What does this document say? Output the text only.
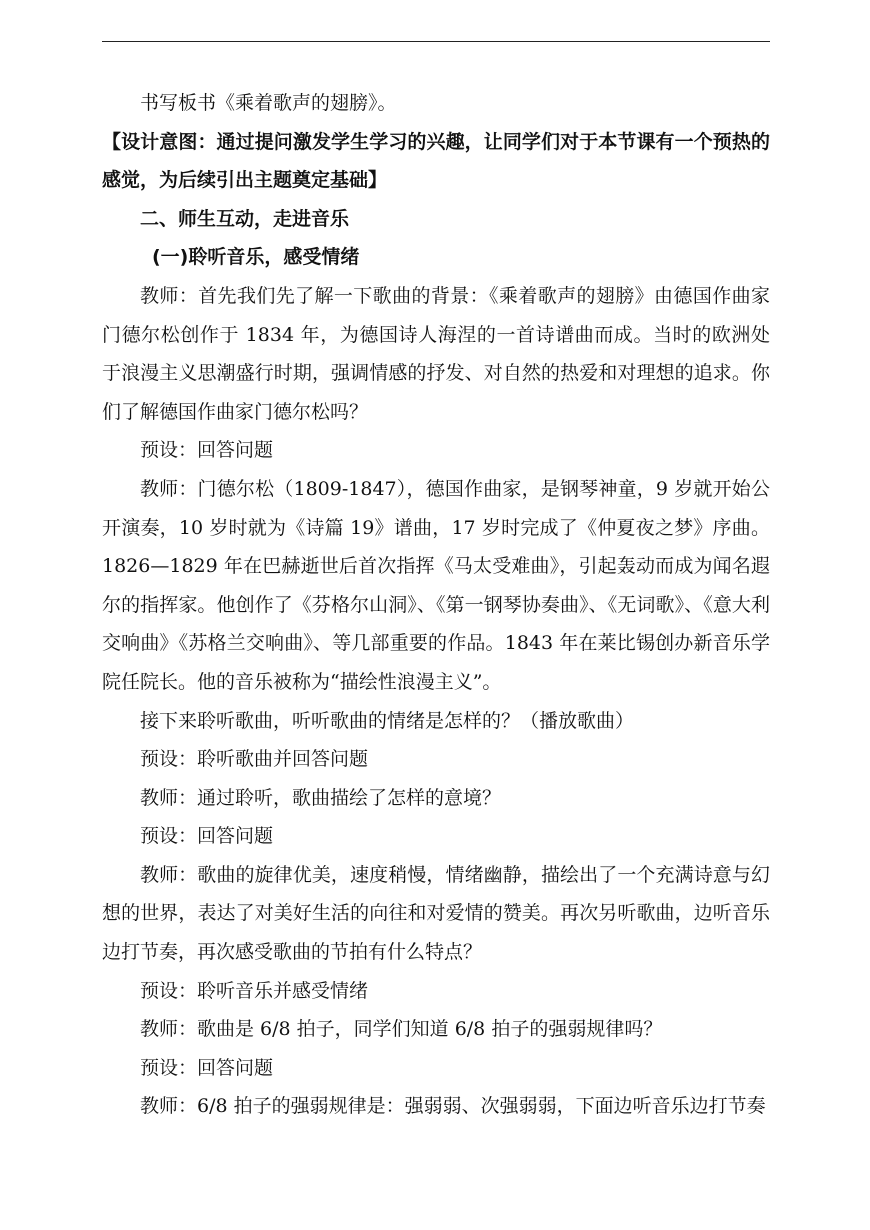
书写板书《乘着歌声的翅膀》。

【设计意图：通过提问激发学生学习的兴趣，让同学们对于本节课有一个预热的感觉，为后续引出主题奠定基础】

二、师生互动，走进音乐

(一)聆听音乐，感受情绪

教师：首先我们先了解一下歌曲的背景：《乘着歌声的翅膀》由德国作曲家门德尔松创作于 1834 年，为德国诗人海涅的一首诗谱曲而成。当时的欧洲处于浪漫主义思潮盛行时期，强调情感的抒发、对自然的热爱和对理想的追求。你们了解德国作曲家门德尔松吗？

预设：回答问题

教师：门德尔松（1809-1847），德国作曲家，是钢琴神童，9 岁就开始公开演奏，10 岁时就为《诗篇 19》谱曲，17 岁时完成了《仲夏夜之梦》序曲。1826—1829 年在巴赫逝世后首次指挥《马太受难曲》，引起轰动而成为闻名遐尔的指挥家。他创作了《芬格尔山洞》、《第一钢琴协奏曲》、《无词歌》、《意大利交响曲》《苏格兰交响曲》、等几部重要的作品。1843 年在莱比锡创办新音乐学院任院长。他的音乐被称为“描绘性浪漫主义”。

接下来聆听歌曲，听听歌曲的情绪是怎样的？（播放歌曲）

预设：聆听歌曲并回答问题

教师：通过聆听，歌曲描绘了怎样的意境？

预设：回答问题

教师：歌曲的旋律优美，速度稍慢，情绪幽静，描绘出了一个充满诗意与幻想的世界，表达了对美好生活的向往和对爱情的赞美。再次另听歌曲，边听音乐边打节奏，再次感受歌曲的节拍有什么特点？

预设：聆听音乐并感受情绪

教师：歌曲是 6/8 拍子，同学们知道 6/8 拍子的强弱规律吗？

预设：回答问题

教师：6/8 拍子的强弱规律是：强弱弱、次强弱弱，下面边听音乐边打节奏
